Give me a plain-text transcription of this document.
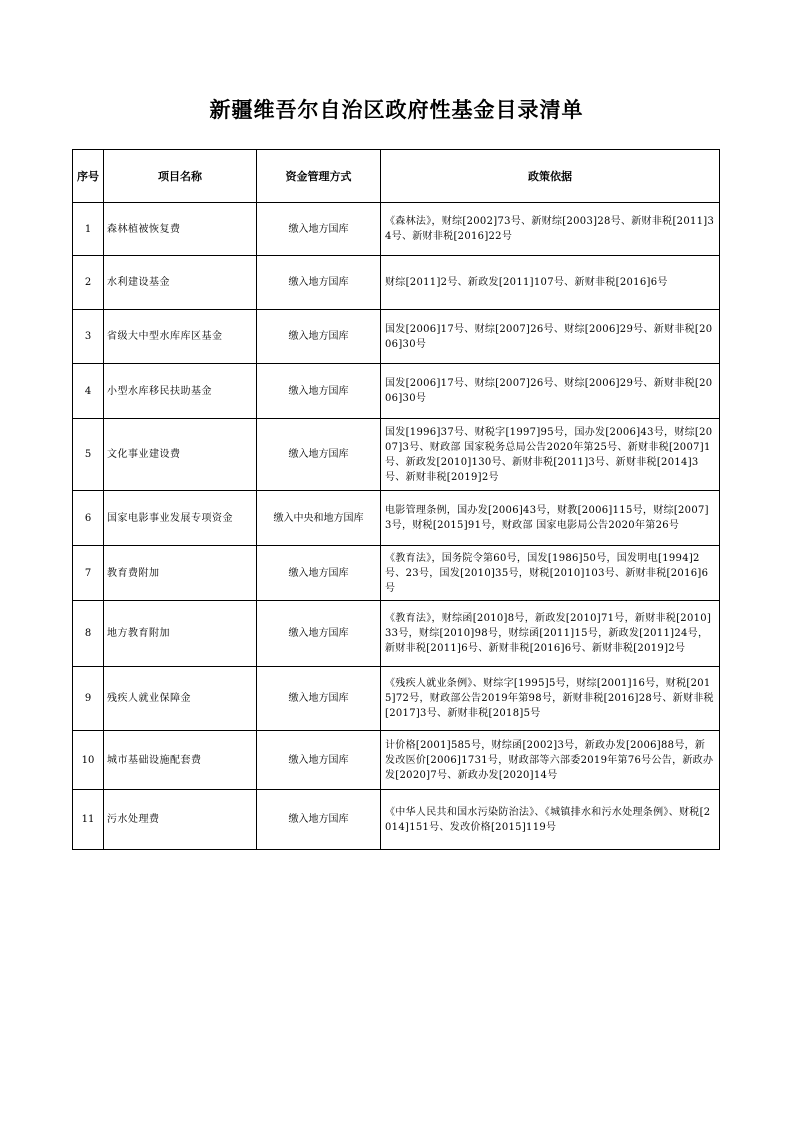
新疆维吾尔自治区政府性基金目录清单
序号	项目名称	资金管理方式	政策依据
1	森林植被恢复费	缴入地方国库	《森林法》，财综[2002]73号、新财综[2003]28号、新财非税[2011]34号、新财非税[2016]22号
2	水利建设基金	缴入地方国库	财综[2011]2号、新政发[2011]107号、新财非税[2016]6号
3	省级大中型水库库区基金	缴入地方国库	国发[2006]17号、财综[2007]26号、财综[2006]29号、新财非税[2006]30号
4	小型水库移民扶助基金	缴入地方国库	国发[2006]17号、财综[2007]26号、财综[2006]29号、新财非税[2006]30号
5	文化事业建设费	缴入地方国库	国发[1996]37号、财税字[1997]95号，国办发[2006]43号，财综[2007]3号、财政部 国家税务总局公告2020年第25号、新财非税[2007]1号、新政发[2010]130号、新财非税[2011]3号、新财非税[2014]3号、新财非税[2019]2号
6	国家电影事业发展专项资金	缴入中央和地方国库	电影管理条例，国办发[2006]43号，财教[2006]115号，财综[2007]3号，财税[2015]91号，财政部 国家电影局公告2020年第26号
7	教育费附加	缴入地方国库	《教育法》，国务院令第60号，国发[1986]50号，国发明电[1994]2号、23号，国发[2010]35号，财税[2010]103号、新财非税[2016]6号
8	地方教育附加	缴入地方国库	《教育法》，财综函[2010]8号，新政发[2010]71号，新财非税[2010]33号，财综[2010]98号，财综函[2011]15号，新政发[2011]24号，新财非税[2011]6号、新财非税[2016]6号、新财非税[2019]2号
9	残疾人就业保障金	缴入地方国库	《残疾人就业条例》、财综字[1995]5号，财综[2001]16号，财税[2015]72号，财政部公告2019年第98号，新财非税[2016]28号、新财非税[2017]3号、新财非税[2018]5号
10	城市基础设施配套费	缴入地方国库	计价格[2001]585号，财综函[2002]3号，新政办发[2006]88号，新发改医价[2006]1731号，财政部等六部委2019年第76号公告，新政办发[2020]7号、新政办发[2020]14号
11	污水处理费	缴入地方国库	《中华人民共和国水污染防治法》、《城镇排水和污水处理条例》、财税[2014]151号、发改价格[2015]119号
